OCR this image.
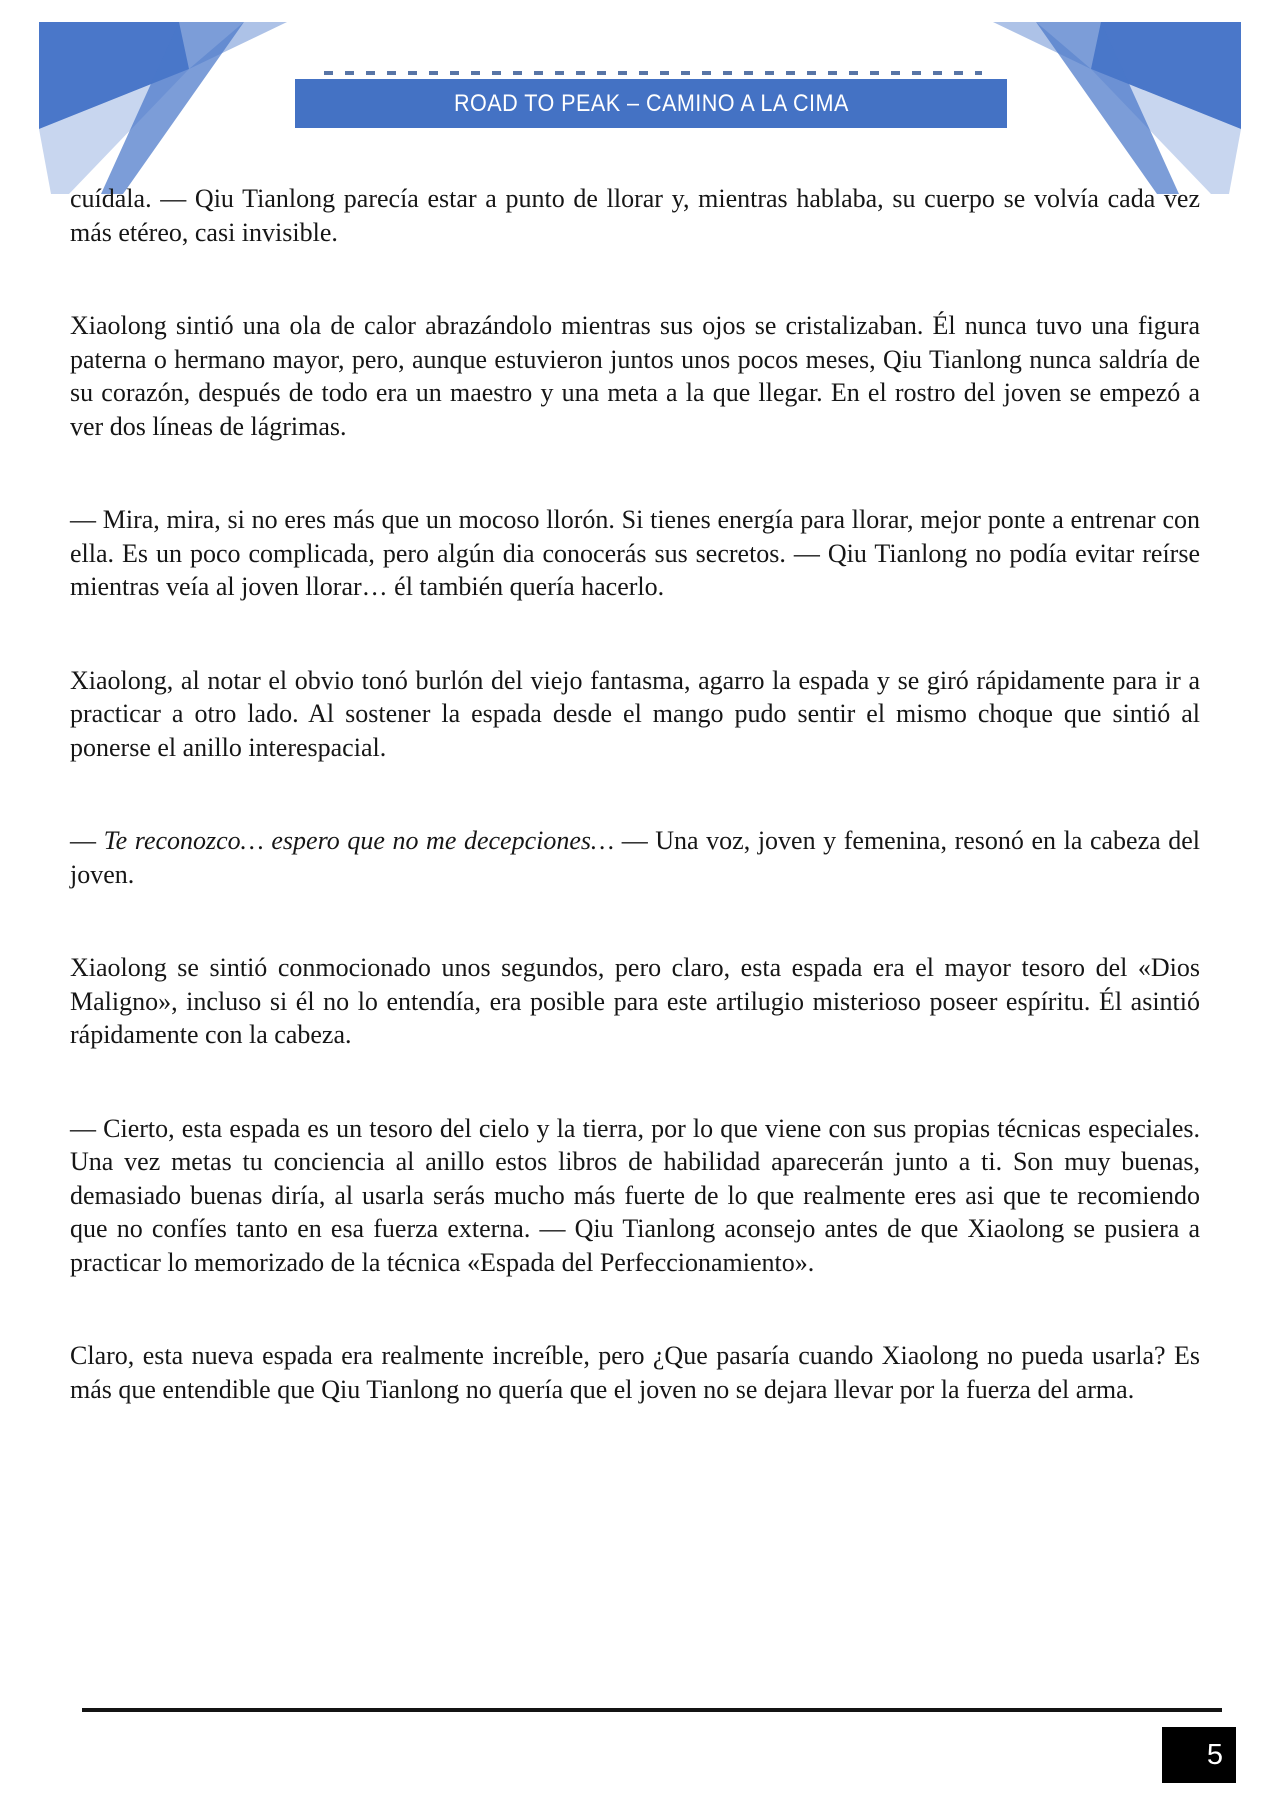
ROAD TO PEAK – CAMINO A LA CIMA

cuídala. — Qiu Tianlong parecía estar a punto de llorar y, mientras hablaba, su cuerpo se volvía cada vez más etéreo, casi invisible.

Xiaolong sintió una ola de calor abrazándolo mientras sus ojos se cristalizaban. Él nunca tuvo una figura paterna o hermano mayor, pero, aunque estuvieron juntos unos pocos meses, Qiu Tianlong nunca saldría de su corazón, después de todo era un maestro y una meta a la que llegar. En el rostro del joven se empezó a ver dos líneas de lágrimas.

— Mira, mira, si no eres más que un mocoso llorón. Si tienes energía para llorar, mejor ponte a entrenar con ella. Es un poco complicada, pero algún dia conocerás sus secretos. — Qiu Tianlong no podía evitar reírse mientras veía al joven llorar… él también quería hacerlo.

Xiaolong, al notar el obvio tonó burlón del viejo fantasma, agarro la espada y se giró rápidamente para ir a practicar a otro lado. Al sostener la espada desde el mango pudo sentir el mismo choque que sintió al ponerse el anillo interespacial.

— Te reconozco… espero que no me decepciones… — Una voz, joven y femenina, resonó en la cabeza del joven.

Xiaolong se sintió conmocionado unos segundos, pero claro, esta espada era el mayor tesoro del «Dios Maligno», incluso si él no lo entendía, era posible para este artilugio misterioso poseer espíritu. Él asintió rápidamente con la cabeza.

— Cierto, esta espada es un tesoro del cielo y la tierra, por lo que viene con sus propias técnicas especiales. Una vez metas tu conciencia al anillo estos libros de habilidad aparecerán junto a ti. Son muy buenas, demasiado buenas diría, al usarla serás mucho más fuerte de lo que realmente eres asi que te recomiendo que no confíes tanto en esa fuerza externa. — Qiu Tianlong aconsejo antes de que Xiaolong se pusiera a practicar lo memorizado de la técnica «Espada del Perfeccionamiento».

Claro, esta nueva espada era realmente increíble, pero ¿Que pasaría cuando Xiaolong no pueda usarla? Es más que entendible que Qiu Tianlong no quería que el joven no se dejara llevar por la fuerza del arma.

5
